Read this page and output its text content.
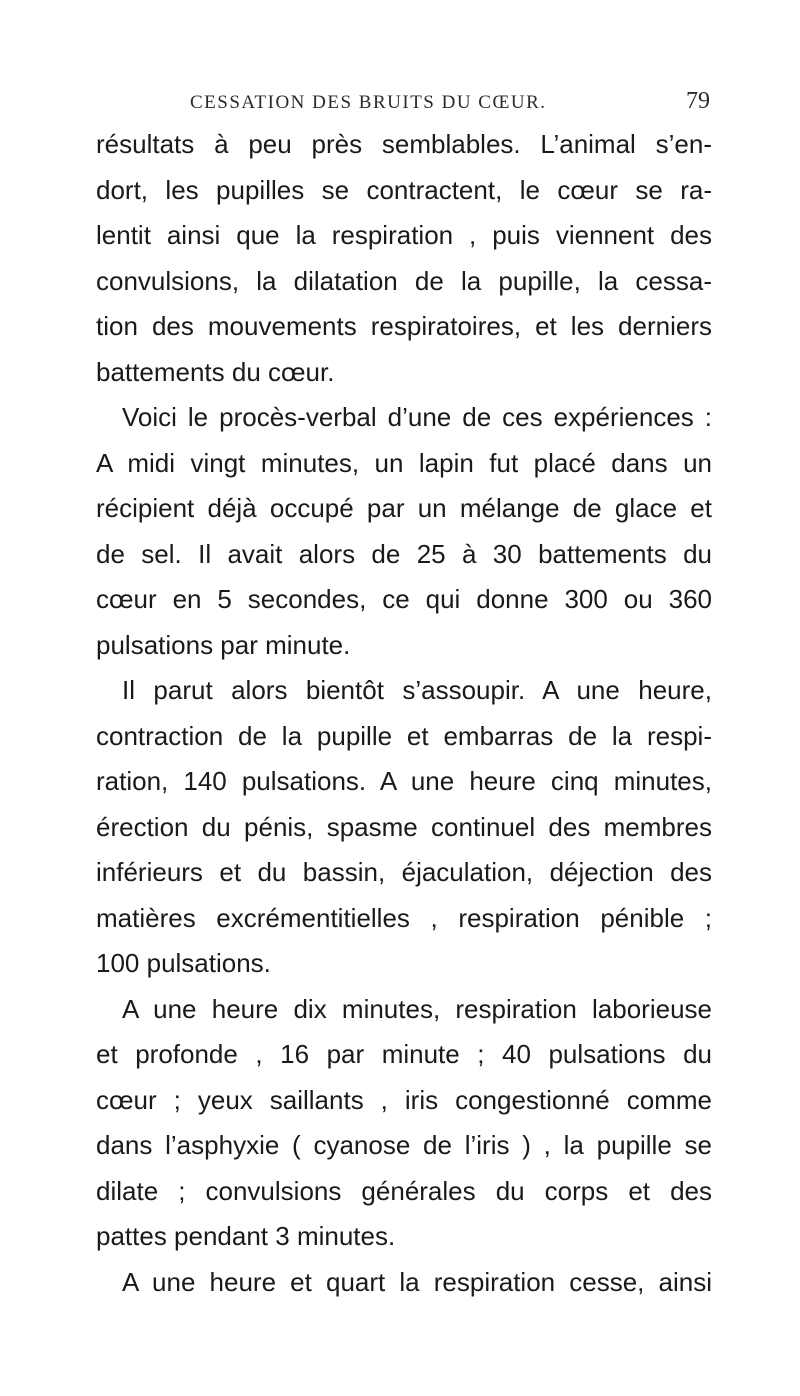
CESSATION DES BRUITS DU CŒUR.	79
résultats à peu près semblables. L’animal s’en-
dort, les pupilles se contractent, le cœur se ra-
lentit ainsi que la respiration , puis viennent des
convulsions, la dilatation de la pupille, la cessa-
tion des mouvements respiratoires, et les derniers
battements du cœur.
Voici le procès-verbal d’une de ces expériences :
A midi vingt minutes, un lapin fut placé dans un
récipient déjà occupé par un mélange de glace et
de sel. Il avait alors de 25 à 30 battements du
cœur en 5 secondes, ce qui donne 300 ou 360
pulsations par minute.
Il parut alors bientôt s’assoupir. A une heure,
contraction de la pupille et embarras de la respi-
ration, 140 pulsations. A une heure cinq minutes,
érection du pénis, spasme continuel des membres
inférieurs et du bassin, éjaculation, déjection des
matières excrémentitielles , respiration pénible ;
100 pulsations.
A une heure dix minutes, respiration laborieuse
et profonde , 16 par minute ; 40 pulsations du
cœur ; yeux saillants , iris congestionné comme
dans l’asphyxie ( cyanose de l’iris ) , la pupille se
dilate ; convulsions générales du corps et des
pattes pendant 3 minutes.
A une heure et quart la respiration cesse, ainsi
